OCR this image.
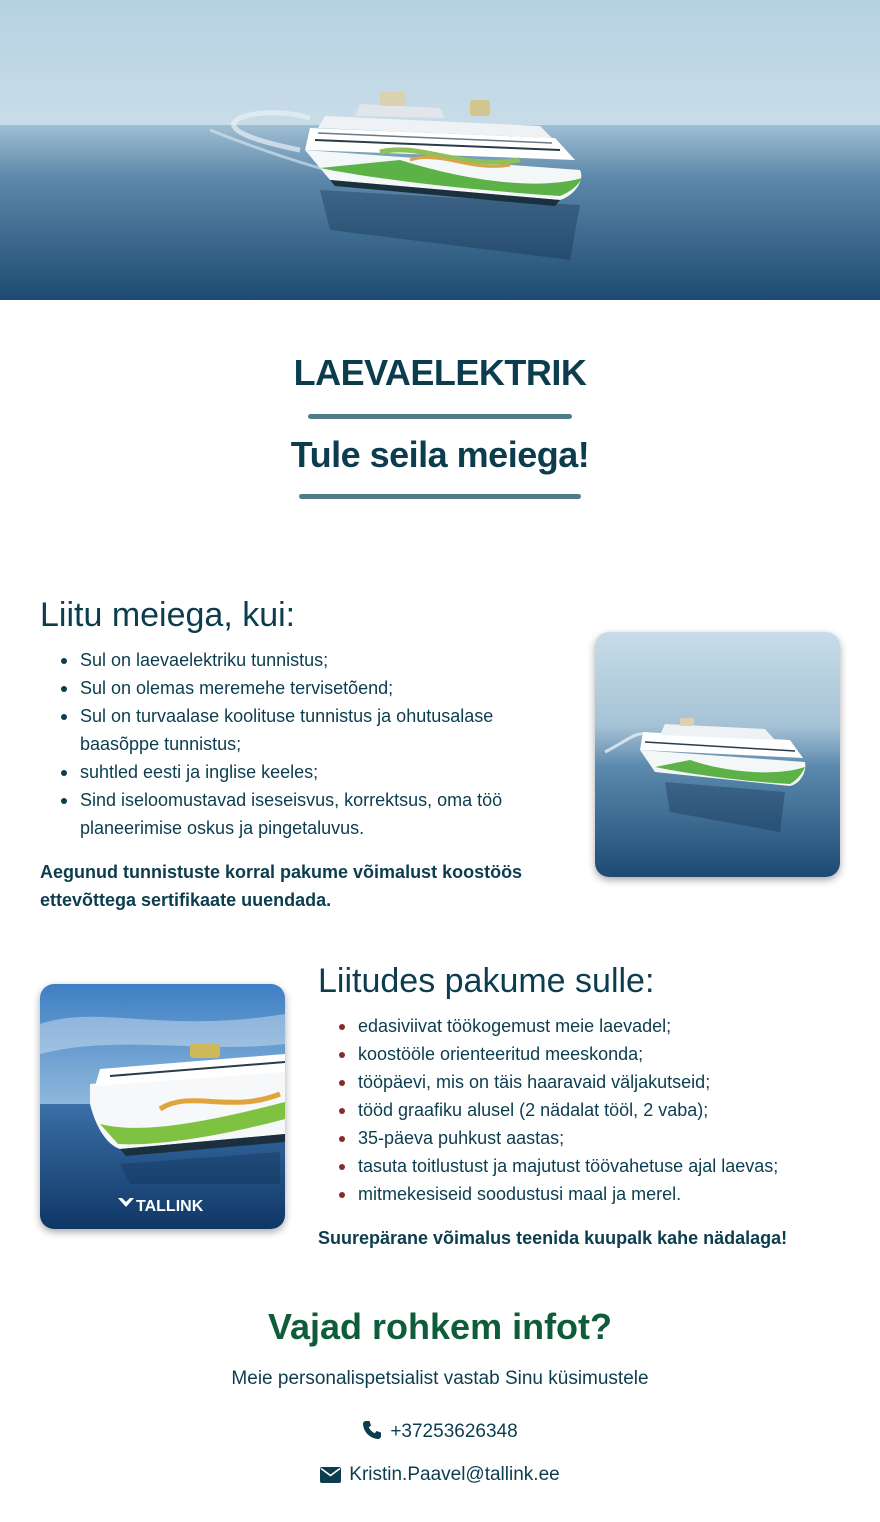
LAEVAELEKTRIK
Tule seila meiega!
Liitu meiega, kui:
Sul on laevaelektriku tunnistus;
Sul on olemas meremehe tervisetõend;
Sul on turvaalase koolituse tunnistus ja ohutusalase baasõppe tunnistus;
suhtled eesti ja inglise keeles;
Sind iseloomustavad iseseisvus, korrektsus, oma töö planeerimise oskus ja pingetaluvus.

Aegunud tunnistuste korral pakume võimalust koostöös ettevõttega sertifikaate uuendada.

TALLINK
Liitudes pakume sulle:
edasiviivat töökogemust meie laevadel;
koostööle orienteeritud meeskonda;
tööpäevi, mis on täis haaravaid väljakutseid;
tööd graafiku alusel (2 nädalat tööl, 2 vaba);
35-päeva puhkust aastas;
tasuta toitlustust ja majutust töövahetuse ajal laevas;
mitmekesiseid soodustusi maal ja merel.

Suurepärane võimalus teenida kuupalk kahe nädalaga!

Vajad rohkem infot?

Meie personalispetsialist vastab Sinu küsimustele

+37253626348
Kristin.Paavel@tallink.ee
